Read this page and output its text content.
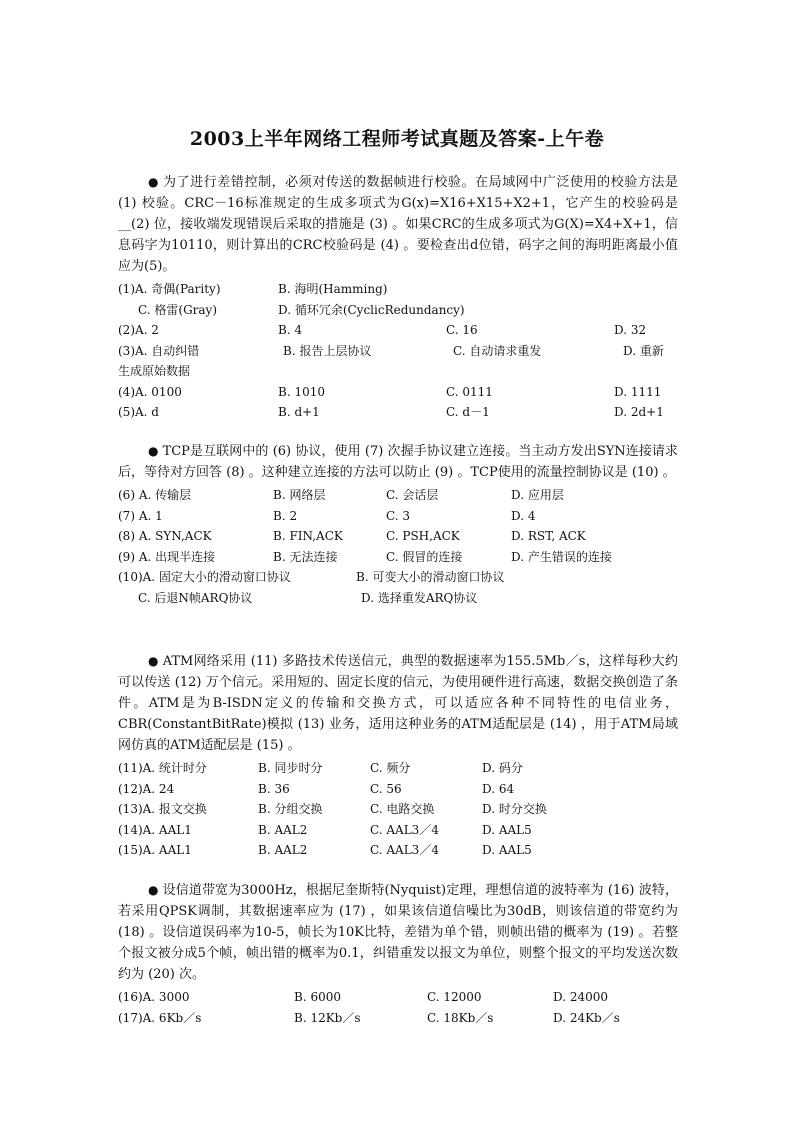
2003上半年网络工程师考试真题及答案-上午卷

● 为了进行差错控制，必须对传送的数据帧进行校验。在局域网中广泛使用的校验方法是 (1) 校验。CRC－16标准规定的生成多项式为G(x)=X16+X15+X2+1，它产生的校验码是 __(2) 位，接收端发现错误后采取的措施是 (3) 。如果CRC的生成多项式为G(X)=X4+X+1，信息码字为10110，则计算出的CRC校验码是 (4) 。要检查出d位错，码字之间的海明距离最小值应为(5)。

(1)A. 奇偶(Parity)	B. 海明(Hamming)
C. 格雷(Gray)	D. 循环冗余(CyclicRedundancy)
(2)A. 2	B. 4	C. 16	D. 32
(3)A. 自动纠错	B. 报告上层协议	C. 自动请求重发	D. 重新
生成原始数据
(4)A. 0100	B. 1010	C. 0111	D. 1111
(5)A. d	B. d+1	C. d－1	D. 2d+1

● TCP是互联网中的 (6) 协议，使用 (7) 次握手协议建立连接。当主动方发出SYN连接请求后，等待对方回答 (8) 。这种建立连接的方法可以防止 (9) 。TCP使用的流量控制协议是 (10) 。

(6) A. 传输层	B. 网络层	C. 会话层	D. 应用层
(7) A. 1	B. 2	C. 3	D. 4
(8) A. SYN,ACK	B. FIN,ACK	C. PSH,ACK	D. RST, ACK
(9) A. 出现半连接	B. 无法连接	C. 假冒的连接	D. 产生错误的连接
(10)A. 固定大小的滑动窗口协议	B. 可变大小的滑动窗口协议
C. 后退N帧ARQ协议	D. 选择重发ARQ协议

● ATM网络采用 (11) 多路技术传送信元，典型的数据速率为155.5Mb／s，这样每秒大约可以传送 (12) 万个信元。采用短的、固定长度的信元，为使用硬件进行高速，数据交换创造了条件。ATM是为B-ISDN定义的传输和交换方式，可以适应各种不同特性的电信业务，CBR(ConstantBitRate)模拟 (13) 业务，适用这种业务的ATM适配层是 (14) ，用于ATM局域网仿真的ATM适配层是 (15) 。

(11)A. 统计时分	B. 同步时分	C. 频分	D. 码分
(12)A. 24	B. 36	C. 56	D. 64
(13)A. 报文交换	B. 分组交换	C. 电路交换	D. 时分交换
(14)A. AAL1	B. AAL2	C. AAL3／4	D. AAL5
(15)A. AAL1	B. AAL2	C. AAL3／4	D. AAL5

● 设信道带宽为3000Hz，根据尼奎斯特(Nyquist)定理，理想信道的波特率为 (16) 波特，若采用QPSK调制，其数据速率应为 (17) ，如果该信道信噪比为30dB，则该信道的带宽约为 (18) 。设信道误码率为10-5，帧长为10K比特，差错为单个错，则帧出错的概率为 (19) 。若整个报文被分成5个帧，帧出错的概率为0.1，纠错重发以报文为单位，则整个报文的平均发送次数约为 (20) 次。

(16)A. 3000	B. 6000	C. 12000	D. 24000
(17)A. 6Kb／s	B. 12Kb／s	C. 18Kb／s	D. 24Kb／s
